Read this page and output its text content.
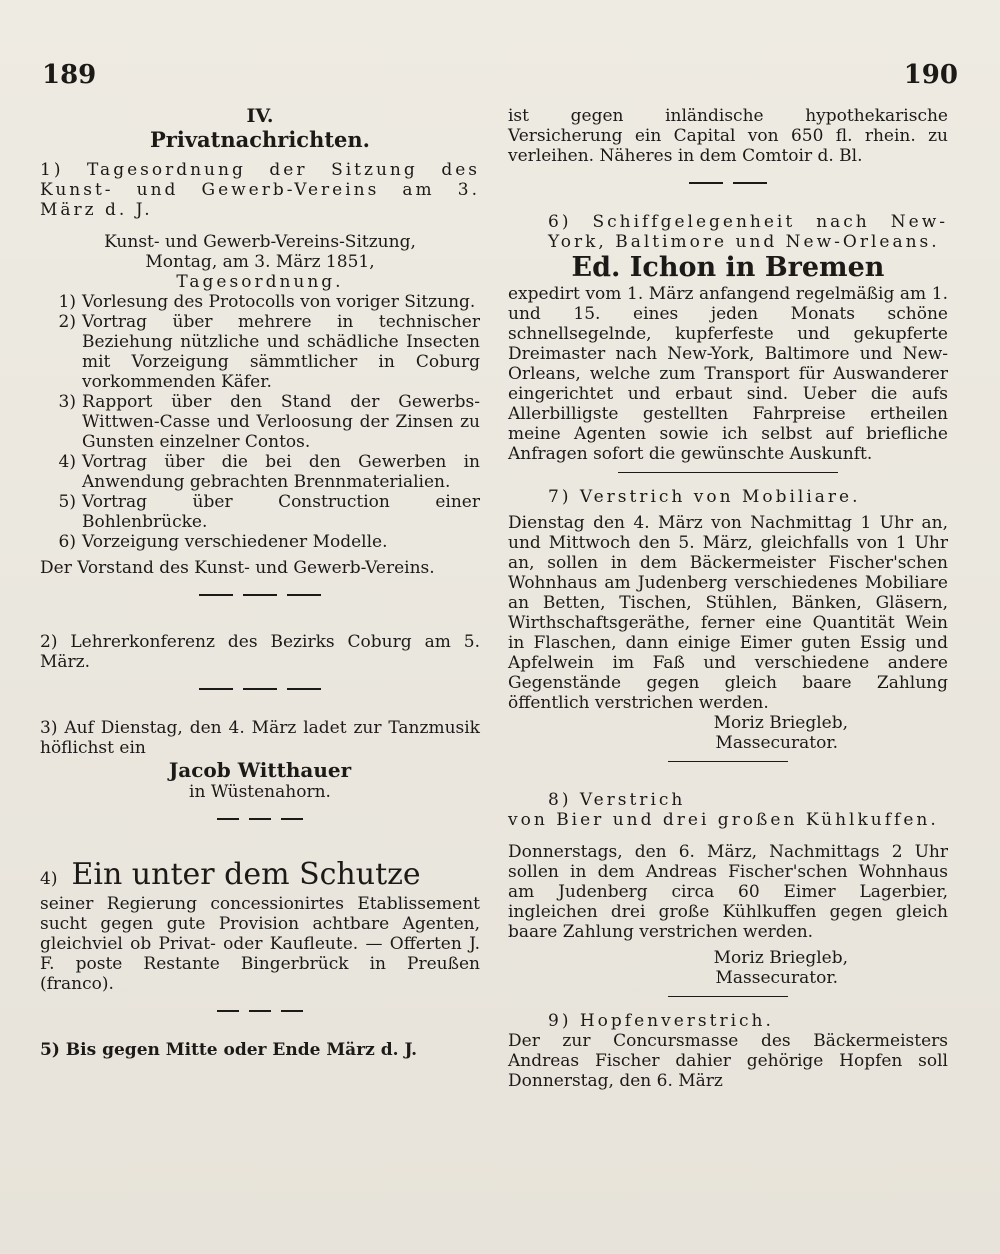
189	190
IV.
Privatnachrichten.
1) Tagesordnung der Sitzung des Kunst- und Gewerb-Vereins am 3. März d. J.
Kunst- und Gewerb-Vereins-Sitzung,
Montag, am 3. März 1851,
Tagesordnung.
1) Vorlesung des Protocolls von voriger Sitzung.
2) Vortrag über mehrere in technischer Beziehung nützliche und schädliche Insecten mit Vorzeigung sämmtlicher in Coburg vorkommenden Käfer.
3) Rapport über den Stand der Gewerbs-Wittwen-Casse und Verloosung der Zinsen zu Gunsten einzelner Contos.
4) Vortrag über die bei den Gewerben in Anwendung gebrachten Brennmaterialien.
5) Vortrag über Construction einer Bohlenbrücke.
6) Vorzeigung verschiedener Modelle.
Der Vorstand des Kunst- und Gewerb-Vereins.
2) Lehrerkonferenz des Bezirks Coburg am 5. März.
3) Auf Dienstag, den 4. März ladet zur Tanzmusik höflichst ein
Jacob Witthauer
in Wüstenahorn.
4) Ein unter dem Schutze
seiner Regierung concessionirtes Etablissement sucht gegen gute Provision achtbare Agenten, gleichviel ob Privat- oder Kaufleute. — Offerten J. F. poste Restante Bingerbrück in Preußen (franco).
5) Bis gegen Mitte oder Ende März d. J.
ist gegen inländische hypothekarische Versicherung ein Capital von 650 fl. rhein. zu verleihen. Näheres in dem Comtoir d. Bl.
6) Schiffgelegenheit nach New-York, Baltimore und New-Orleans.
Ed. Ichon in Bremen
expedirt vom 1. März anfangend regelmäßig am 1. und 15. eines jeden Monats schöne schnellsegelnde, kupferfeste und gekupferte Dreimaster nach New-York, Baltimore und New-Orleans, welche zum Transport für Auswanderer eingerichtet und erbaut sind. Ueber die aufs Allerbilligste gestellten Fahrpreise ertheilen meine Agenten sowie ich selbst auf briefliche Anfragen sofort die gewünschte Auskunft.
7) Verstrich von Mobiliare.
Dienstag den 4. März von Nachmittag 1 Uhr an, und Mittwoch den 5. März, gleichfalls von 1 Uhr an, sollen in dem Bäckermeister Fischer'schen Wohnhaus am Judenberg verschiedenes Mobiliare an Betten, Tischen, Stühlen, Bänken, Gläsern, Wirthschaftsgeräthe, ferner eine Quantität Wein in Flaschen, dann einige Eimer guten Essig und Apfelwein im Faß und verschiedene andere Gegenstände gegen gleich baare Zahlung öffentlich verstrichen werden.
Moriz Briegleb,
Massecurator.
8) Verstrich
von Bier und drei großen Kühlkuffen.
Donnerstags, den 6. März, Nachmittags 2 Uhr sollen in dem Andreas Fischer'schen Wohnhaus am Judenberg circa 60 Eimer Lagerbier, ingleichen drei große Kühlkuffen gegen gleich baare Zahlung verstrichen werden.
Moriz Briegleb,
Massecurator.
9) Hopfenverstrich.
Der zur Concursmasse des Bäckermeisters Andreas Fischer dahier gehörige Hopfen soll Donnerstag, den 6. März
